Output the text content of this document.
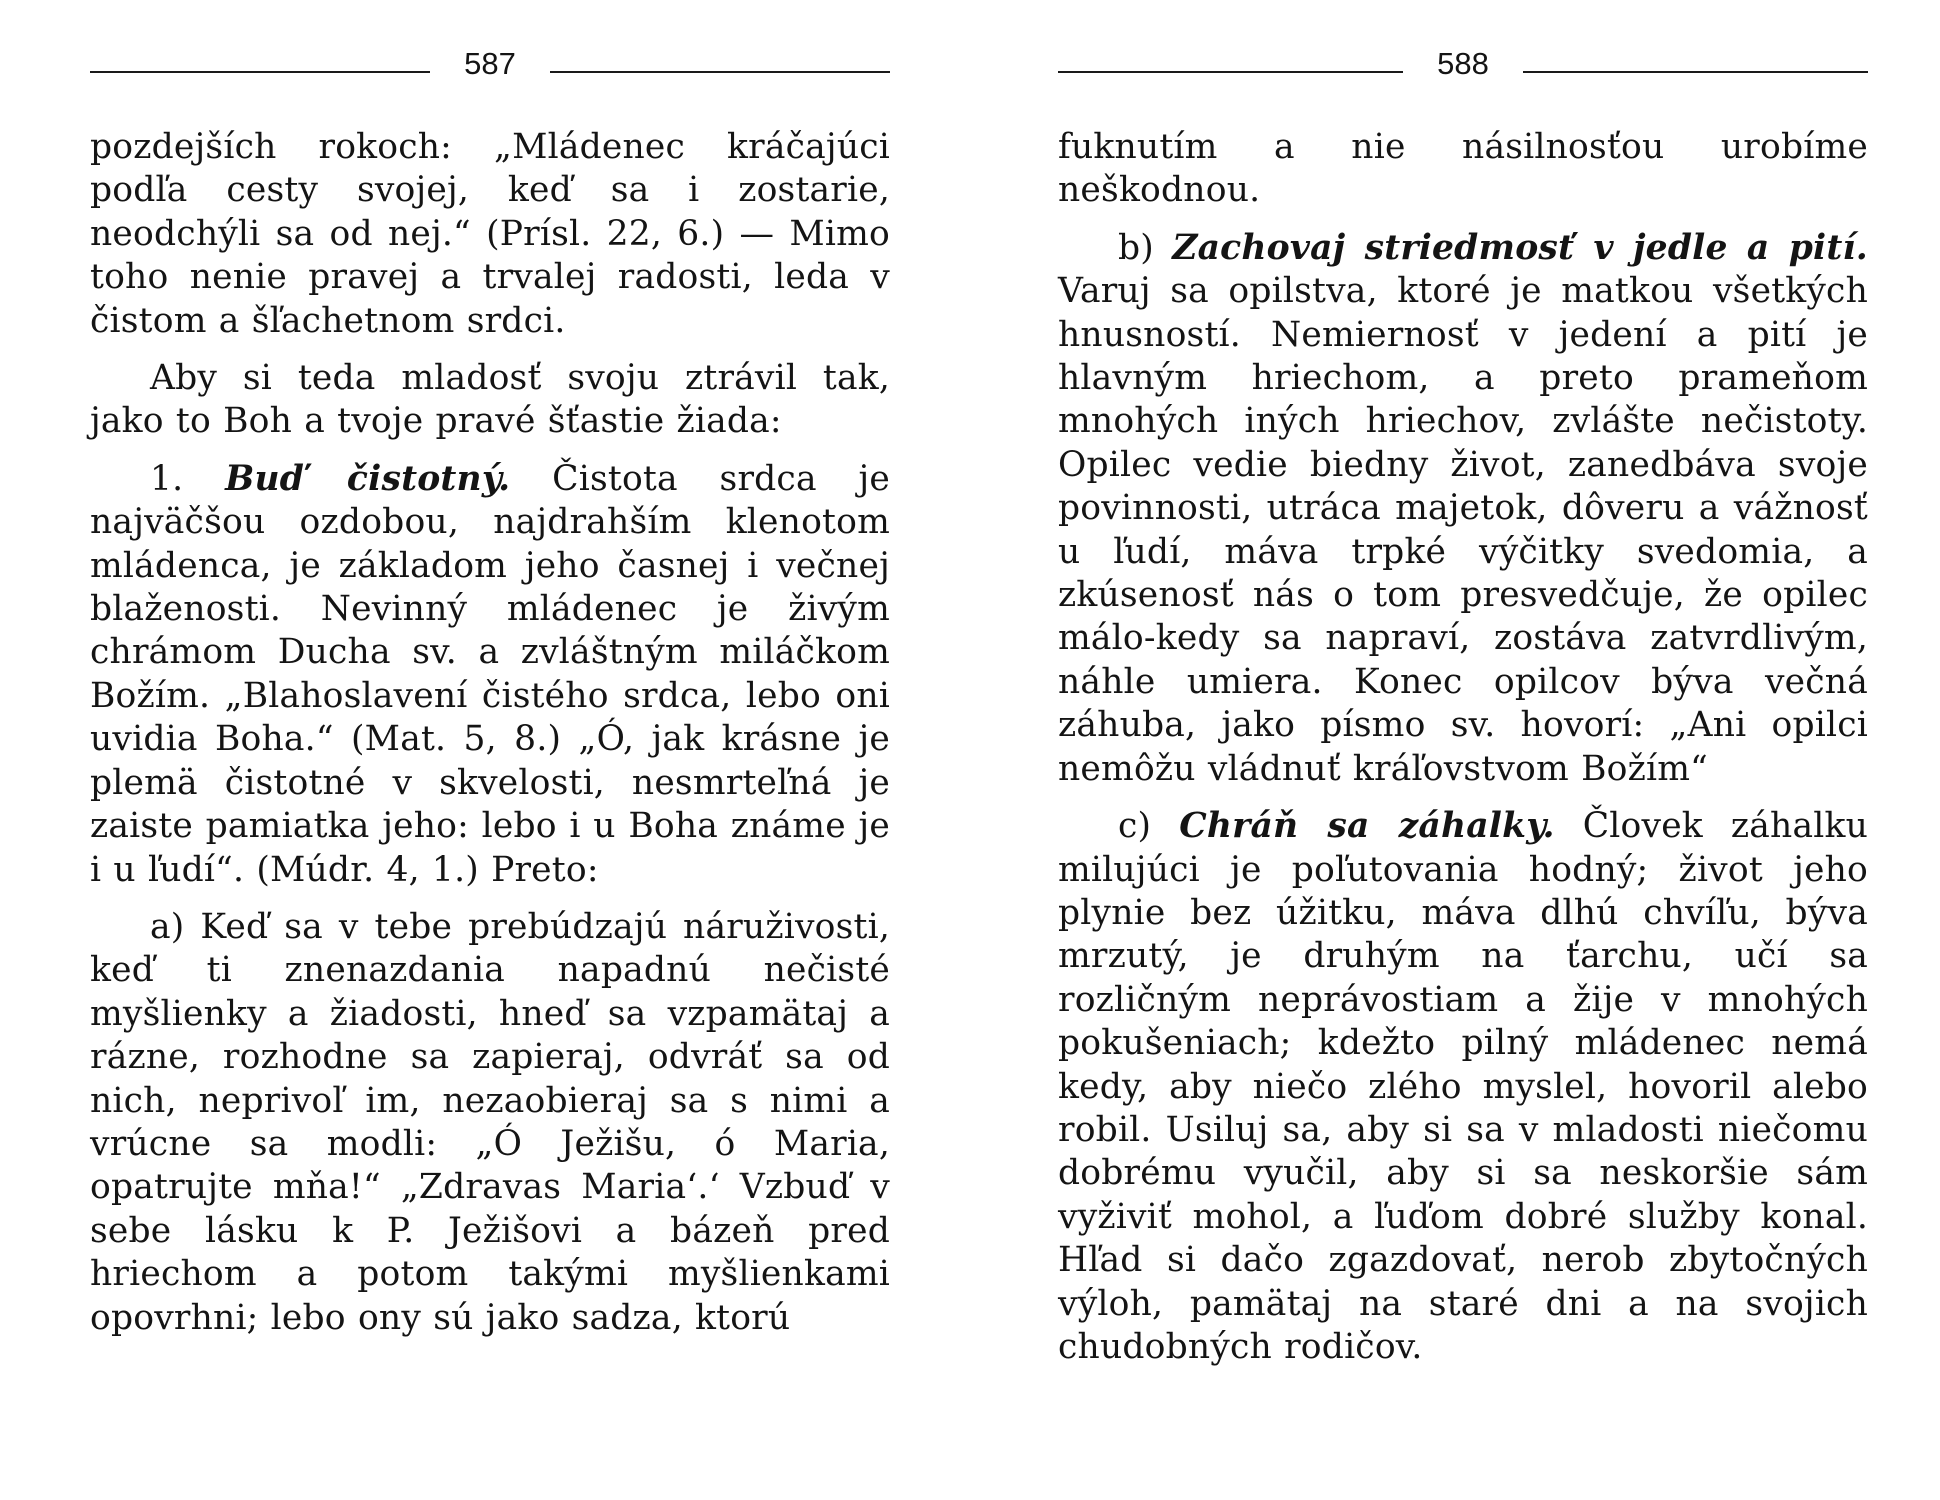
587

pozdejších rokoch: „Mládenec kráčajúci podľa cesty svojej, keď sa i zostarie, neodchýli sa od nej.“ (Prísl. 22, 6.) — Mimo toho nenie pravej a trvalej radosti, leda v čistom a šľachetnom srdci.

Aby si teda mladosť svoju ztrávil tak, jako to Boh a tvoje pravé šťastie žiada:

1. Buď čistotný. Čistota srdca je najväčšou ozdobou, najdrahším klenotom mládenca, je základom jeho časnej i večnej blaženosti. Nevinný mládenec je živým chrámom Ducha sv. a zvláštným miláčkom Božím. „Blahoslavení čistého srdca, lebo oni uvidia Boha.“ (Mat. 5, 8.) „Ó, jak krásne je plemä čistotné v skvelosti, nesmrteľná je zaiste pamiatka jeho: lebo i u Boha známe je i u ľudí“. (Múdr. 4, 1.) Preto:

a) Keď sa v tebe prebúdzajú náruživosti, keď ti znenazdania napadnú nečisté myšlienky a žiadosti, hneď sa vzpamätaj a rázne, rozhodne sa zapieraj, odvráť sa od nich, neprivoľ im, nezaobieraj sa s nimi a vrúcne sa modli: „Ó Ježišu, ó Maria, opatrujte mňa!“ „Zdravas Maria‘.‘ Vzbuď v sebe lásku k P. Ježišovi a bázeň pred hriechom a potom takými myšlienkami opovrhni; lebo ony sú jako sadza, ktorú

588

fuknutím a nie násilnosťou urobíme neškodnou.

b) Zachovaj striedmosť v jedle a pití. Varuj sa opilstva, ktoré je matkou všetkých hnusností. Nemiernosť v jedení a pití je hlavným hriechom, a preto prameňom mnohých iných hriechov, zvlášte nečistoty. Opilec vedie biedny život, zanedbáva svoje povinnosti, utráca majetok, dôveru a vážnosť u ľudí, máva trpké výčitky svedomia, a zkúsenosť nás o tom presvedčuje, že opilec málo-kedy sa napraví, zostáva zatvrdlivým, náhle umiera. Konec opilcov býva večná záhuba, jako písmo sv. hovorí: „Ani opilci nemôžu vládnuť kráľovstvom Božím“

c) Chráň sa záhalky. Človek záhalku milujúci je poľutovania hodný; život jeho plynie bez úžitku, máva dlhú chvíľu, býva mrzutý, je druhým na ťarchu, učí sa rozličným neprávostiam a žije v mnohých pokušeniach; kdežto pilný mládenec nemá kedy, aby niečo zlého myslel, hovoril alebo robil. Usiluj sa, aby si sa v mladosti niečomu dobrému vyučil, aby si sa neskoršie sám vyživiť mohol, a ľuďom dobré služby konal. Hľad si dačo zgazdovať, nerob zbytočných výloh, pamätaj na staré dni a na svojich chudobných rodičov.
